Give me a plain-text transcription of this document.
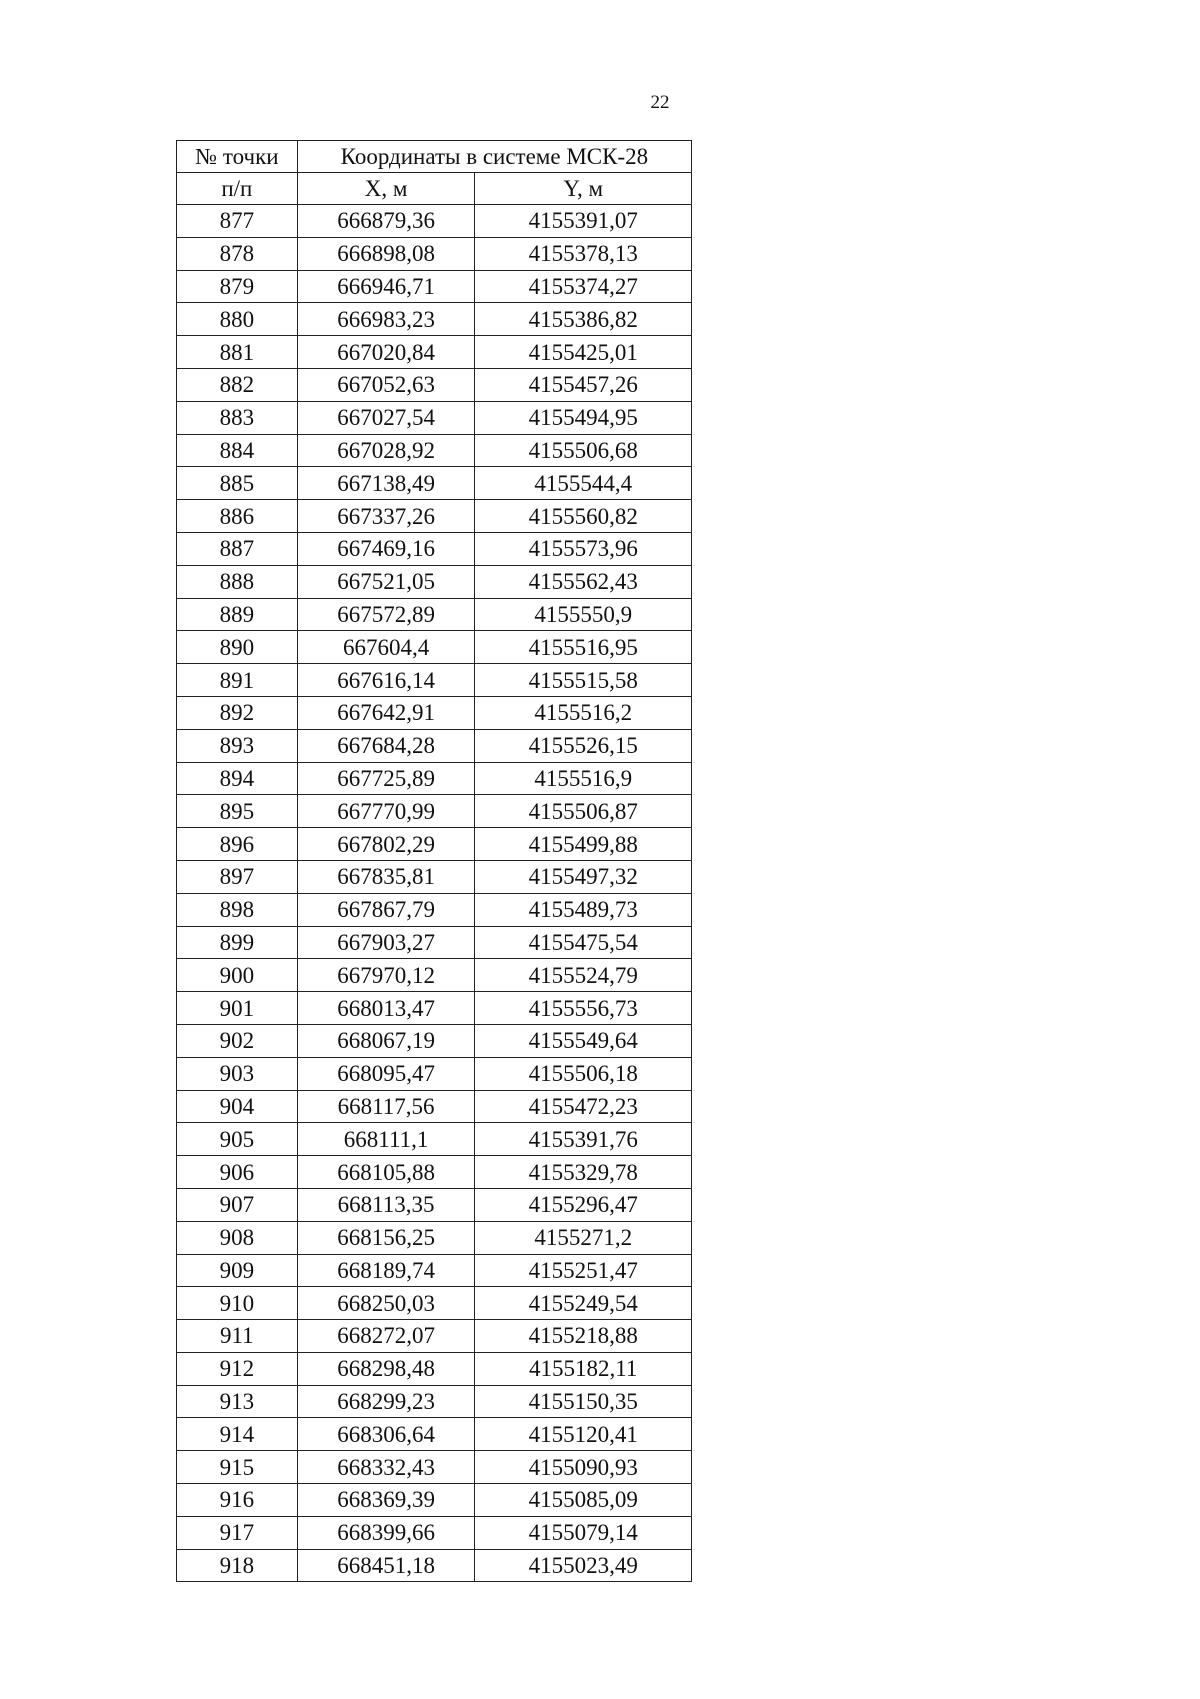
22
№ точки	Координаты в системе МСК-28	
п/п	X, м	Y, м
877	666879,36	4155391,07
878	666898,08	4155378,13
879	666946,71	4155374,27
880	666983,23	4155386,82
881	667020,84	4155425,01
882	667052,63	4155457,26
883	667027,54	4155494,95
884	667028,92	4155506,68
885	667138,49	4155544,4
886	667337,26	4155560,82
887	667469,16	4155573,96
888	667521,05	4155562,43
889	667572,89	4155550,9
890	667604,4	4155516,95
891	667616,14	4155515,58
892	667642,91	4155516,2
893	667684,28	4155526,15
894	667725,89	4155516,9
895	667770,99	4155506,87
896	667802,29	4155499,88
897	667835,81	4155497,32
898	667867,79	4155489,73
899	667903,27	4155475,54
900	667970,12	4155524,79
901	668013,47	4155556,73
902	668067,19	4155549,64
903	668095,47	4155506,18
904	668117,56	4155472,23
905	668111,1	4155391,76
906	668105,88	4155329,78
907	668113,35	4155296,47
908	668156,25	4155271,2
909	668189,74	4155251,47
910	668250,03	4155249,54
911	668272,07	4155218,88
912	668298,48	4155182,11
913	668299,23	4155150,35
914	668306,64	4155120,41
915	668332,43	4155090,93
916	668369,39	4155085,09
917	668399,66	4155079,14
918	668451,18	4155023,49
